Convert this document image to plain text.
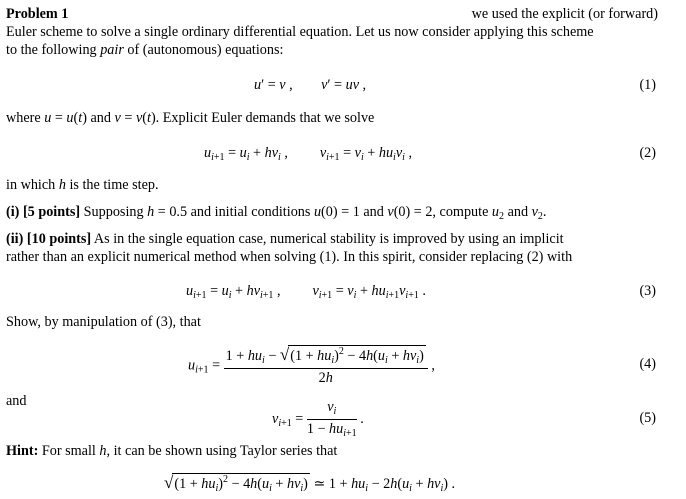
Problem 1	we used the explicit (or forward)
Euler scheme to solve a single ordinary differential equation. Let us now consider applying this scheme
to the following pair of (autonomous) equations:
u′ = v ,        v′ = uv ,	(1)
where u = u(t) and v = v(t). Explicit Euler demands that we solve
$u_{i+1} = u_i + hv_i$ ,         $v_{i+1} = v_i + hu_iv_i$ ,	(2)
in which h is the time step.
(i) [5 points] Supposing h = 0.5 and initial conditions u(0) = 1 and v(0) = 2, compute $u_2$ and $v_2$.
(ii) [10 points] As in the single equation case, numerical stability is improved by using an implicit
rather than an explicit numerical method when solving (1). In this spirit, consider replacing (2) with
$u_{i+1} = u_i + hv_{i+1}$ ,         $v_{i+1} = v_i + hu_{i+1}v_{i+1}$ .	(3)
Show, by manipulation of (3), that
$u_{i+1} = \frac{1 + hu_i - √(1 + hu_i)^2 - 4h(u_i + hv_i)}{2h}$ ,	(4)
and
$v_{i+1} = \frac{v_i}{1 - hu_{i+1}}$ .	(5)
Hint: For small h, it can be shown using Taylor series that
$√(1 + hu_i)^2 - 4h(u_i + hv_i)$ ≃ $1 + hu_i - 2h(u_i + hv_i)$ .
